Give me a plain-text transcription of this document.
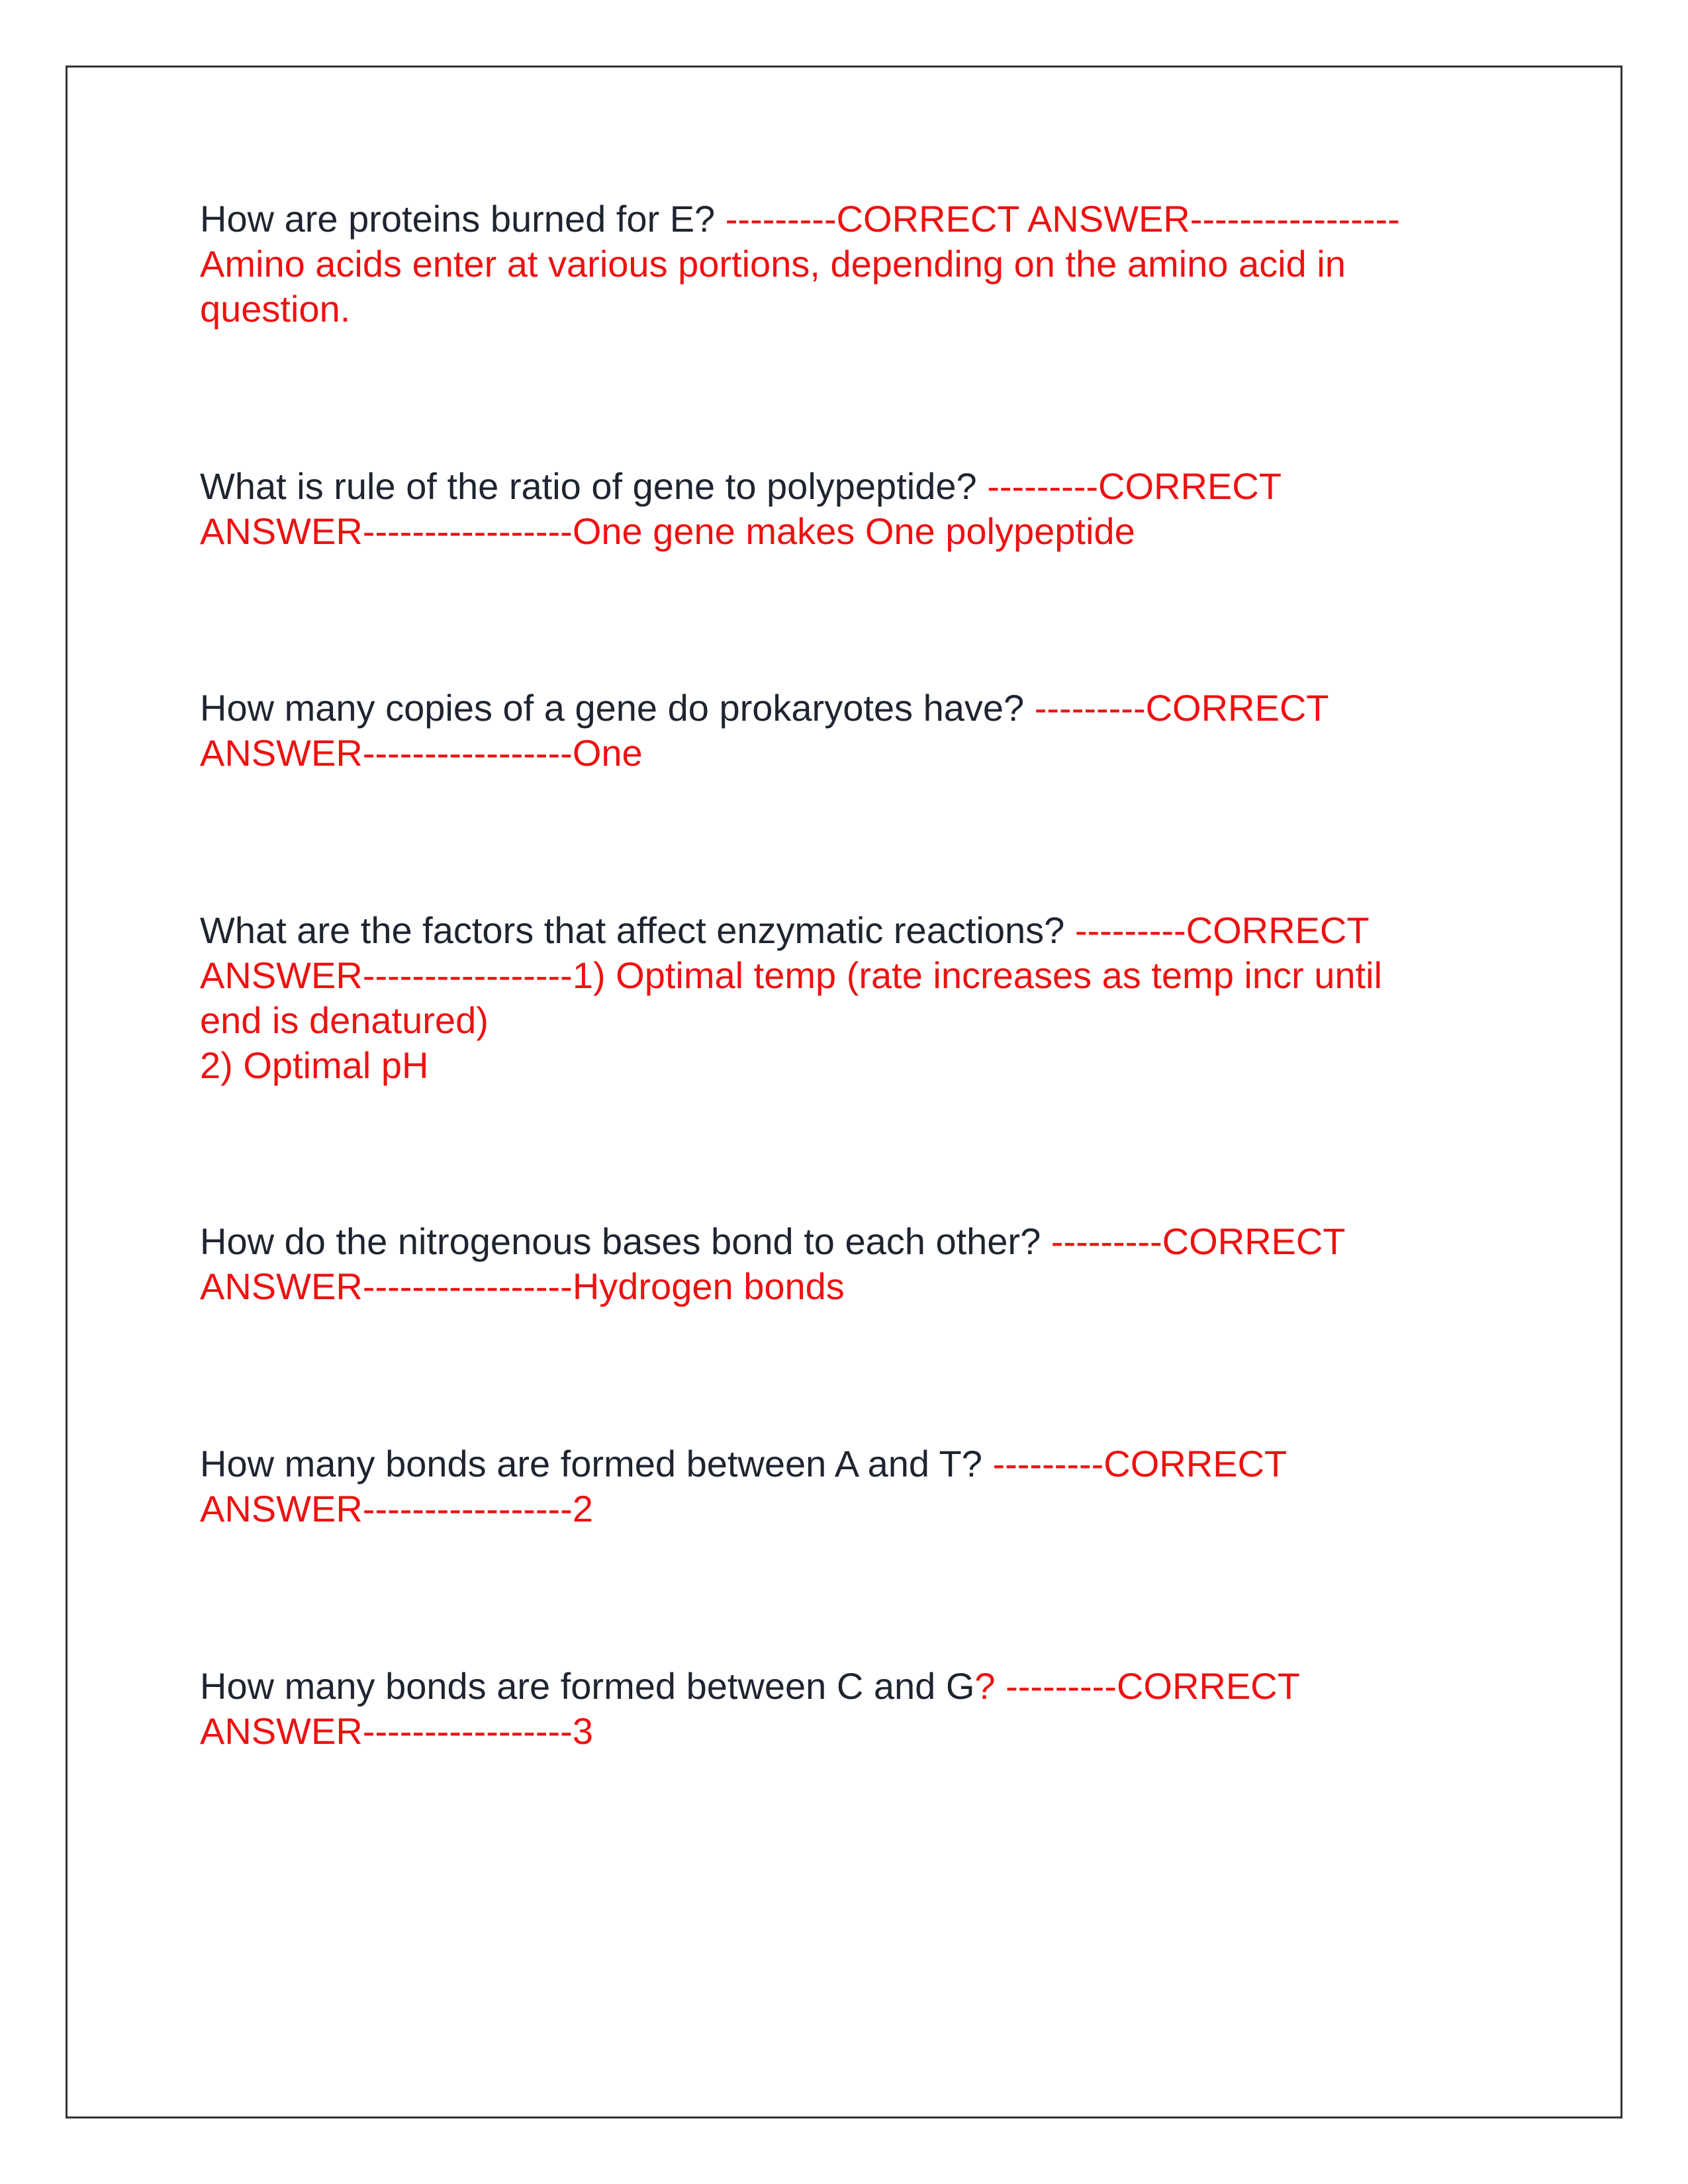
How are proteins burned for E? ---------CORRECT ANSWER-----------------
Amino acids enter at various portions, depending on the amino acid in
question.

What is rule of the ratio of gene to polypeptide? ---------CORRECT
ANSWER-----------------One gene makes One polypeptide

How many copies of a gene do prokaryotes have? ---------CORRECT
ANSWER-----------------One

What are the factors that affect enzymatic reactions? ---------CORRECT
ANSWER-----------------1) Optimal temp (rate increases as temp incr until
end is denatured)
2) Optimal pH

How do the nitrogenous bases bond to each other? ---------CORRECT
ANSWER-----------------Hydrogen bonds

How many bonds are formed between A and T? ---------CORRECT
ANSWER-----------------2

How many bonds are formed between C and G? ---------CORRECT
ANSWER-----------------3
